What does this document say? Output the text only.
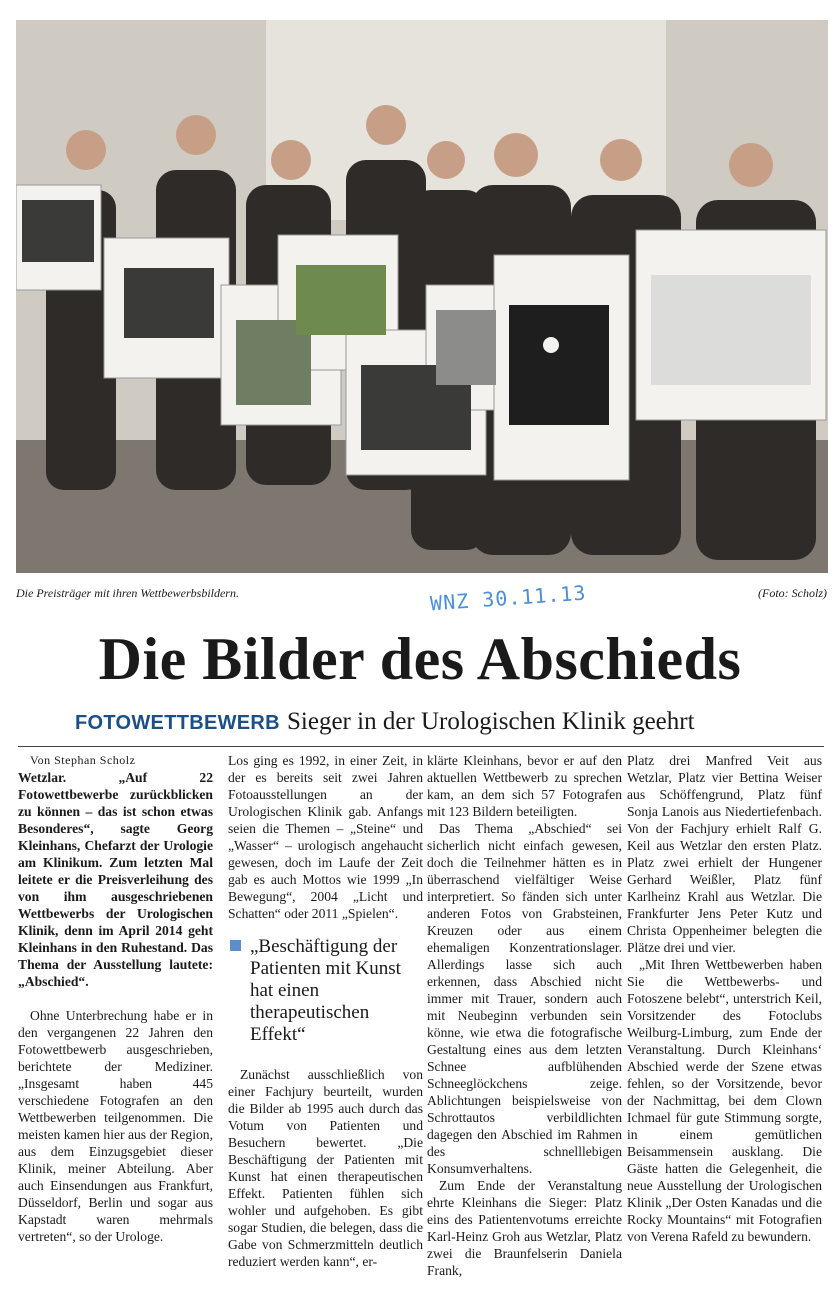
Die Preisträger mit ihren Wettbewerbsbildern.	(Foto: Scholz)
WNZ 30.11.13
Die Bilder des Abschieds
FOTOWETTBEWERB Sieger in der Urologischen Klinik geehrt

Von Stephan Scholz

Wetzlar. „Auf 22 Fotowettbewerbe zurückblicken zu können – das ist schon etwas Besonderes“, sagte Georg Kleinhans, Chefarzt der Urologie am Klinikum. Zum letzten Mal leitete er die Preisverleihung des von ihm ausgeschriebenen Wettbewerbs der Urologischen Klinik, denn im April 2014 geht Kleinhans in den Ruhestand. Das Thema der Ausstellung lautete: „Abschied“.

Ohne Unterbrechung habe er in den vergangenen 22 Jahren den Fotowettbewerb ausgeschrieben, berichtete der Mediziner. „Insgesamt haben 445 verschiedene Fotografen an den Wettbewerben teilgenommen. Die meisten kamen hier aus der Region, aus dem Einzugsgebiet dieser Klinik, meiner Abteilung. Aber auch Einsendungen aus Frankfurt, Düsseldorf, Berlin und sogar aus Kapstadt waren mehrmals vertreten“, so der Urologe.

Los ging es 1992, in einer Zeit, in der es bereits seit zwei Jahren Fotoausstellungen an der Urologischen Klinik gab. Anfangs seien die Themen – „Steine“ und „Wasser“ – urologisch angehaucht gewesen, doch im Laufe der Zeit gab es auch Mottos wie 1999 „In Bewegung“, 2004 „Licht und Schatten“ oder 2011 „Spielen“.

„Beschäftigung der Patienten mit Kunst hat einen therapeutischen Effekt“

Zunächst ausschließlich von einer Fachjury beurteilt, wurden die Bilder ab 1995 auch durch das Votum von Patienten und Besuchern bewertet. „Die Beschäftigung der Patienten mit Kunst hat einen therapeutischen Effekt. Patienten fühlen sich wohler und aufgehoben. Es gibt sogar Studien, die belegen, dass die Gabe von Schmerzmitteln deutlich reduziert werden kann“, er-

klärte Kleinhans, bevor er auf den aktuellen Wettbewerb zu sprechen kam, an dem sich 57 Fotografen mit 123 Bildern beteiligten.

Das Thema „Abschied“ sei sicherlich nicht einfach gewesen, doch die Teilnehmer hätten es in überraschend vielfältiger Weise interpretiert. So fänden sich unter anderen Fotos von Grabsteinen, Kreuzen oder aus einem ehemaligen Konzentrationslager. Allerdings lasse sich auch erkennen, dass Abschied nicht immer mit Trauer, sondern auch mit Neubeginn verbunden sein könne, wie etwa die fotografische Gestaltung eines aus dem letzten Schnee aufblühenden Schneeglöckchens zeige. Ablichtungen beispielsweise von Schrottautos verbildlichten dagegen den Abschied im Rahmen des schnelllebigen Konsumverhaltens.

Zum Ende der Veranstaltung ehrte Kleinhans die Sieger: Platz eins des Patientenvotums erreichte Karl-Heinz Groh aus Wetzlar, Platz zwei die Braunfelserin Daniela Frank,

Platz drei Manfred Veit aus Wetzlar, Platz vier Bettina Weiser aus Schöffengrund, Platz fünf Sonja Lanois aus Niedertiefenbach. Von der Fachjury erhielt Ralf G. Keil aus Wetzlar den ersten Platz. Platz zwei erhielt der Hungener Gerhard Weißler, Platz fünf Karlheinz Krahl aus Wetzlar. Die Frankfurter Jens Peter Kutz und Christa Oppenheimer belegten die Plätze drei und vier.

„Mit Ihren Wettbewerben haben Sie die Wettbewerbs- und Fotoszene belebt“, unterstrich Keil, Vorsitzender des Fotoclubs Weilburg-Limburg, zum Ende der Veranstaltung. Durch Kleinhans‘ Abschied werde der Szene etwas fehlen, so der Vorsitzende, bevor der Nachmittag, bei dem Clown Ichmael für gute Stimmung sorgte, in einem gemütlichen Beisammensein ausklang. Die Gäste hatten die Gelegenheit, die neue Ausstellung der Urologischen Klinik „Der Osten Kanadas und die Rocky Mountains“ mit Fotografien von Verena Rafeld zu bewundern.
